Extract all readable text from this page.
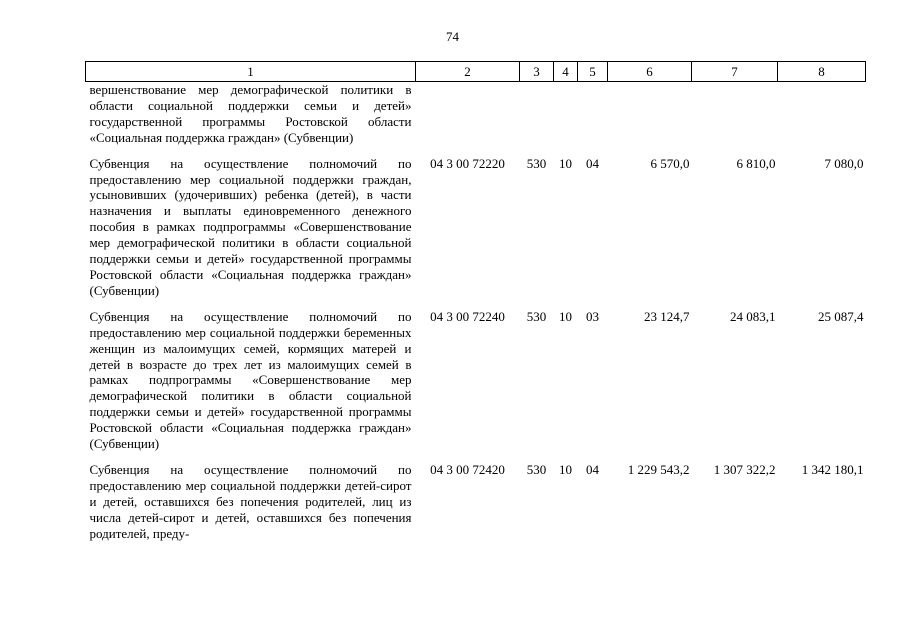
74
1	2	3	4	5	6	7	8
вершенствование мер демографической политики в области социальной поддержки семьи и детей» государственной программы Ростовской области «Социальная поддержка граждан» (Субвенции)							
Субвенция на осуществление полномочий по предоставлению мер социальной поддержки граждан, усыновивших (удочеривших) ребенка (детей), в части назначения и выплаты единовременного денежного пособия в рамках подпрограммы «Совершенствование мер демографической политики в области социальной поддержки семьи и детей» государственной программы Ростовской области «Социальная поддержка граждан» (Субвенции)	04 3 00 72220	530	10	04	6 570,0	6 810,0	7 080,0
Субвенция на осуществление полномочий по предоставлению мер социальной поддержки беременных женщин из малоимущих семей, кормящих матерей и детей в возрасте до трех лет из малоимущих семей в рамках подпрограммы «Совершенствование мер демографической политики в области социальной поддержки семьи и детей» государственной программы Ростовской области «Социальная поддержка граждан» (Субвенции)	04 3 00 72240	530	10	03	23 124,7	24 083,1	25 087,4
Субвенция на осуществление полномочий по предоставлению мер социальной поддержки детей-сирот и детей, оставшихся без попечения родителей, лиц из числа детей-сирот и детей, оставшихся без попечения родителей, преду-	04 3 00 72420	530	10	04	1 229 543,2	1 307 322,2	1 342 180,1
